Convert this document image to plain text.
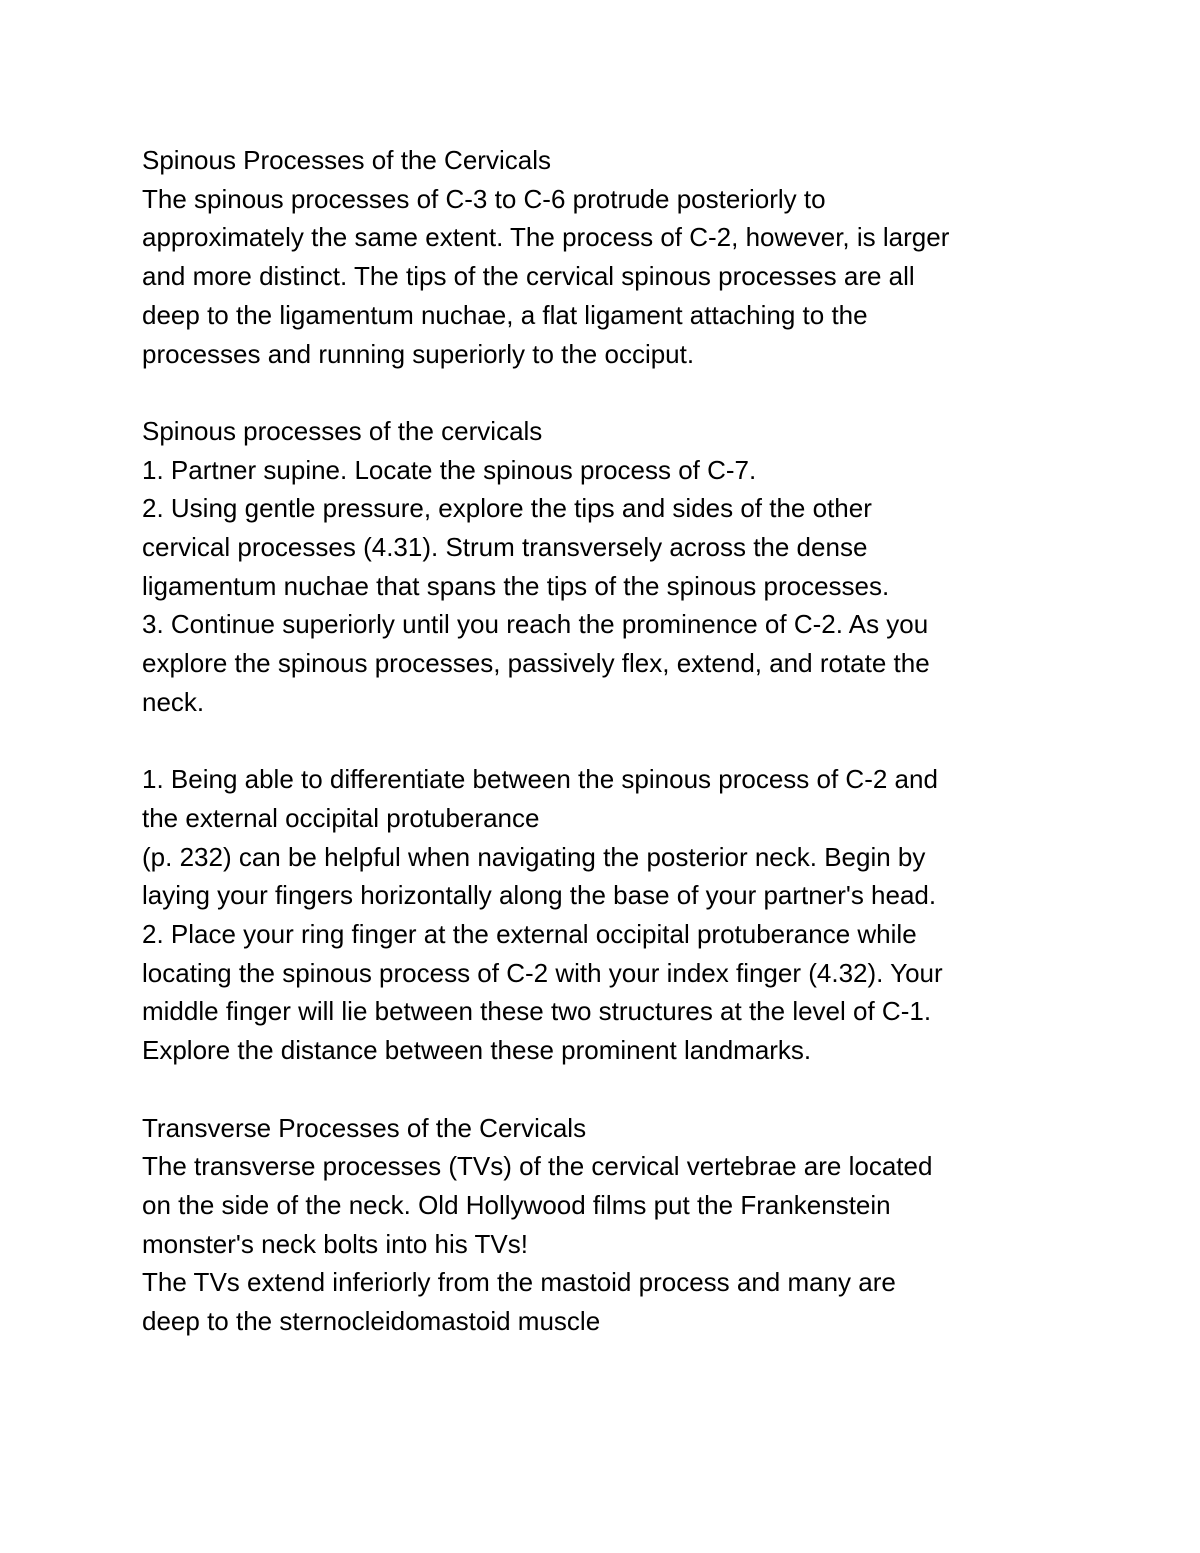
Spinous Processes of the Cervicals
The spinous processes of C-3 to C-6 protrude posteriorly to
approximately the same extent. The process of C-2, however, is larger
and more distinct. The tips of the cervical spinous processes are all
deep to the ligamentum nuchae, a flat ligament attaching to the
processes and running superiorly to the occiput.
Spinous processes of the cervicals
1. Partner supine. Locate the spinous process of C-7.
2. Using gentle pressure, explore the tips and sides of the other
cervical processes (4.31). Strum transversely across the dense
ligamentum nuchae that spans the tips of the spinous processes.
3. Continue superiorly until you reach the prominence of C-2. As you
explore the spinous processes, passively flex, extend, and rotate the
neck.
1. Being able to differentiate between the spinous process of C-2 and
the external occipital protuberance
(p. 232) can be helpful when navigating the posterior neck. Begin by
laying your fingers horizontally along the base of your partner's head.
2. Place your ring finger at the external occipital protuberance while
locating the spinous process of C-2 with your index finger (4.32). Your
middle finger will lie between these two structures at the level of C-1.
Explore the distance between these prominent landmarks.
Transverse Processes of the Cervicals
The transverse processes (TVs) of the cervical vertebrae are located
on the side of the neck. Old Hollywood films put the Frankenstein
monster's neck bolts into his TVs!
The TVs extend inferiorly from the mastoid process and many are
deep to the sternocleidomastoid muscle
